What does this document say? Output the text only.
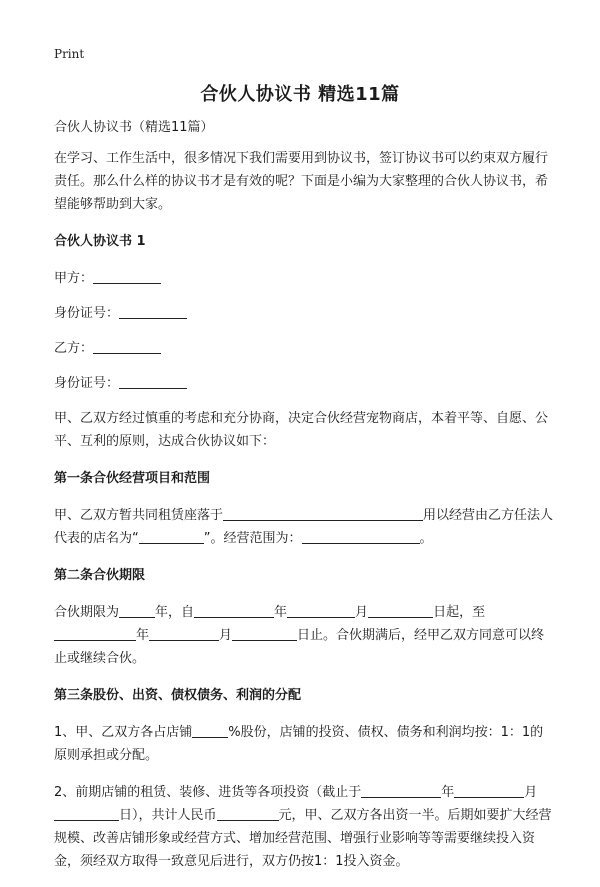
Print
合伙人协议书 精选11篇

合伙人协议书（精选11篇）

在学习、工作生活中，很多情况下我们需要用到协议书，签订协议书可以约束双方履行责任。那么什么样的协议书才是有效的呢？下面是小编为大家整理的合伙人协议书，希望能够帮助到大家。

合伙人协议书 1

甲方：

身份证号：

乙方：

身份证号：

甲、乙双方经过慎重的考虑和充分协商，决定合伙经营宠物商店，本着平等、自愿、公平、互利的原则，达成合伙协议如下：

第一条合伙经营项目和范围

甲、乙双方暂共同租赁座落于	用以经营由乙方任法人代表的店名为“	”。经营范围为：	。

第二条合伙期限

合伙期限为	年，自	年	月	日起，至年	月	日止。合伙期满后，经甲乙双方同意可以终止或继续合伙。

第三条股份、出资、债权债务、利润的分配

1、甲、乙双方各占店铺	%股份，店铺的投资、债权、债务和利润均按：1：1的原则承担或分配。

2、前期店铺的租赁、装修、进货等各项投资（截止于	年	月日），共计人民币	元，甲、乙双方各出资一半。后期如要扩大经营规模、改善店铺形象或经营方式、增加经营范围、增强行业影响等等需要继续投入资金，须经双方取得一致意见后进行，双方仍按1：1投入资金。
